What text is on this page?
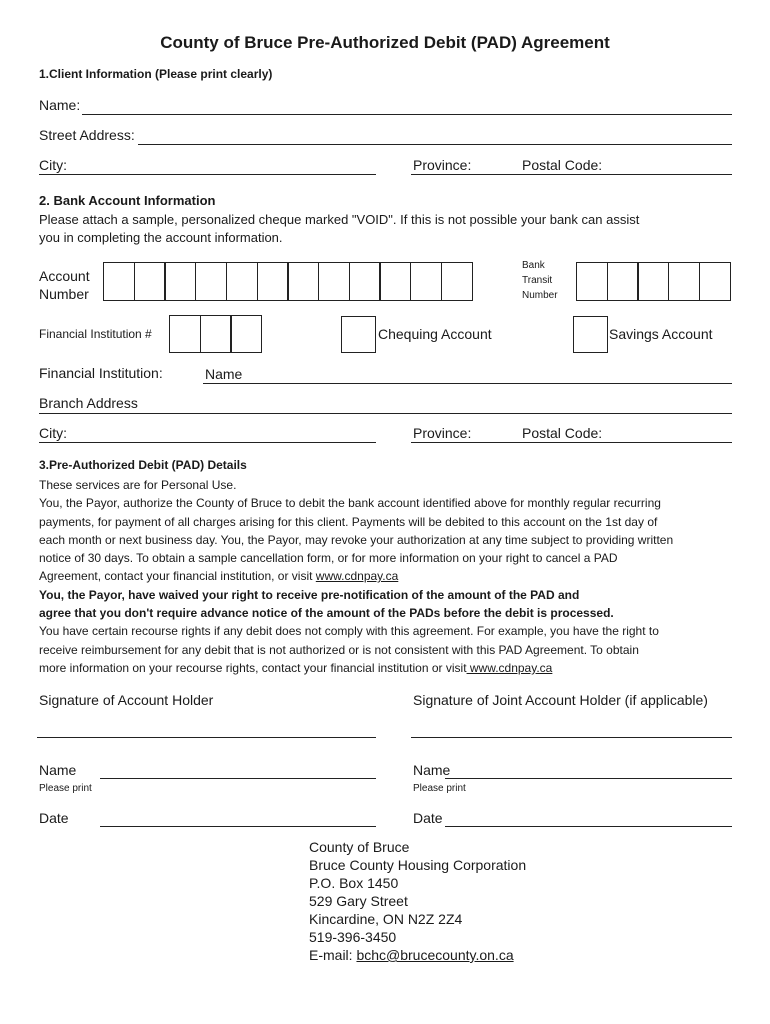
County of Bruce Pre-Authorized Debit (PAD) Agreement
1.Client Information (Please print clearly)
Name:
Street Address:
City:	Province:	Postal Code:
2. Bank Account Information
Please attach a sample, personalized cheque marked "VOID". If this is not possible your bank can assist
you in completing the account information.
Account
Number
Bank
Transit
Number
Financial Institution #	Chequing Account	Savings Account
Financial Institution:	Name
Branch Address
City:	Province:	Postal Code:
3.Pre-Authorized Debit (PAD) Details

These services are for Personal Use.

You, the Payor, authorize the County of Bruce to debit the bank account identified above for monthly regular recurring

payments, for payment of all charges arising for this client. Payments will be debited to this account on the 1st day of

each month or next business day. You, the Payor, may revoke your authorization at any time subject to providing written

notice of 30 days. To obtain a sample cancellation form, or for more information on your right to cancel a PAD

Agreement, contact your financial institution, or visit www.cdnpay.ca

You, the Payor, have waived your right to receive pre-notification of the amount of the PAD and

agree that you don't require advance notice of the amount of the PADs before the debit is processed.

You have certain recourse rights if any debit does not comply with this agreement. For example, you have the right to

receive reimbursement for any debit that is not authorized or is not consistent with this PAD Agreement. To obtain

more information on your recourse rights, contact your financial institution or visit www.cdnpay.ca

Signature of Account Holder	Signature of Joint Account Holder (if applicable)
Name	Name
Please print	Please print
Date	Date
County of Bruce
Bruce County Housing Corporation
P.O. Box 1450
529 Gary Street
Kincardine, ON N2Z 2Z4
519-396-3450
E-mail: bchc@brucecounty.on.ca
